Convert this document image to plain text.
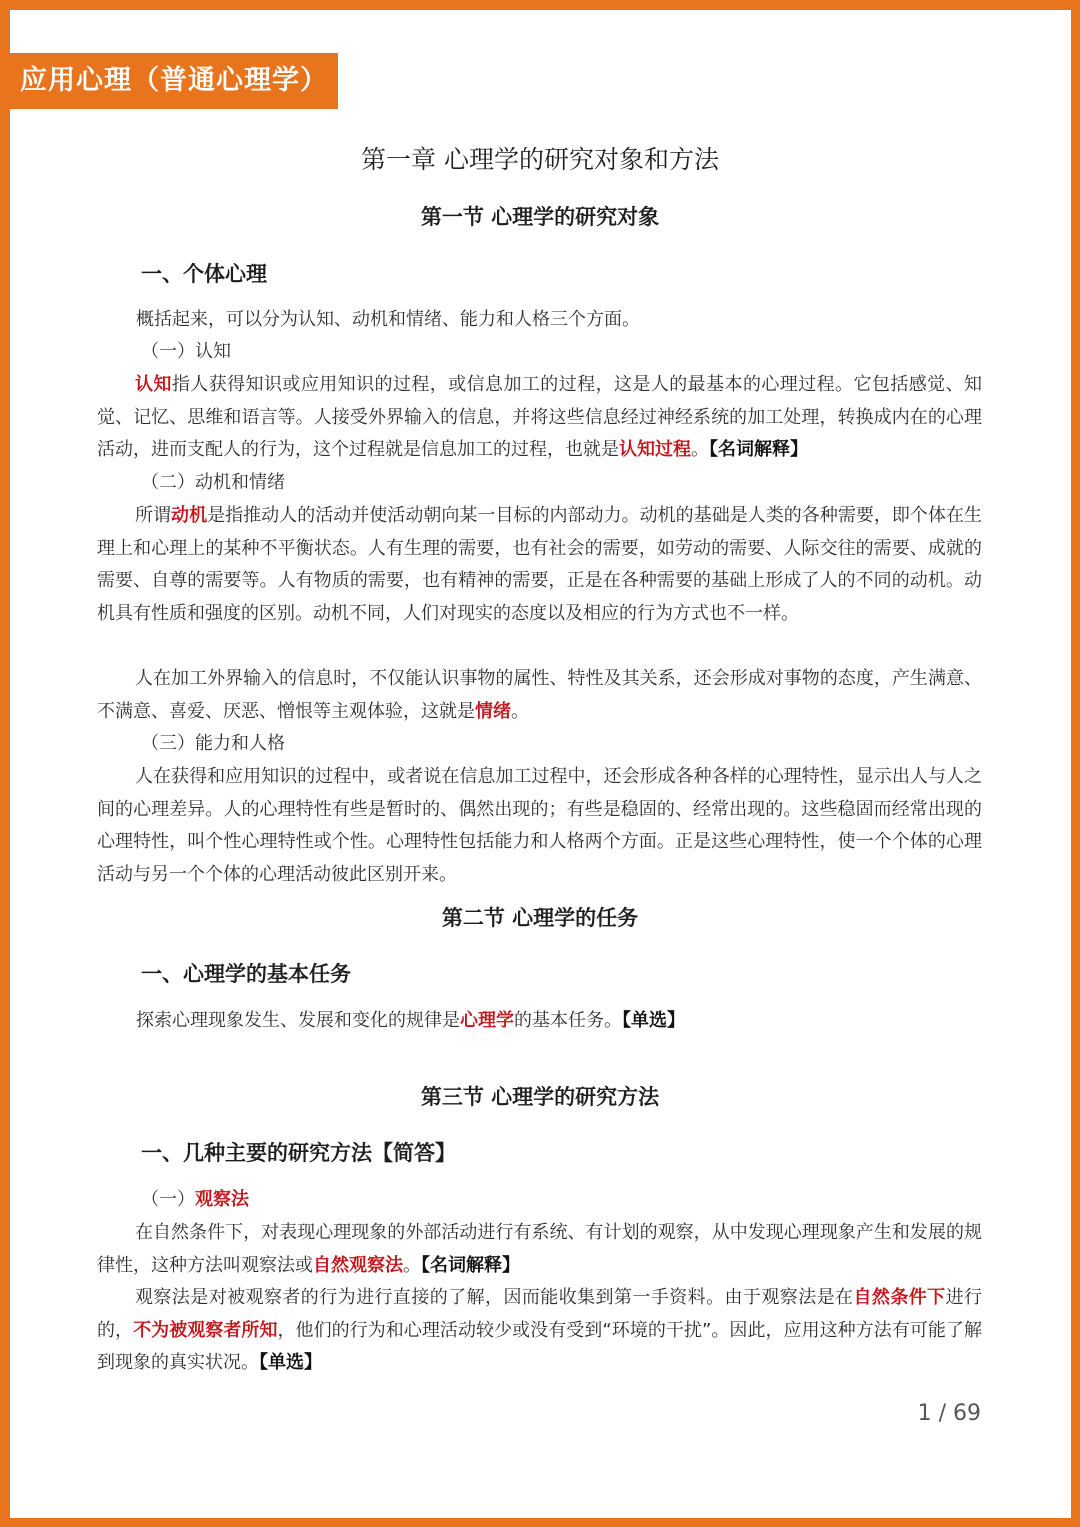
应用心理（普通心理学）
第一章 心理学的研究对象和方法
第一节 心理学的研究对象
一、个体心理
概括起来，可以分为认知、动机和情绪、能力和人格三个方面。
（一）认知

认知指人获得知识或应用知识的过程，或信息加工的过程，这是人的最基本的心理过程。它包括感觉、知觉、记忆、思维和语言等。人接受外界输入的信息，并将这些信息经过神经系统的加工处理，转换成内在的心理活动，进而支配人的行为，这个过程就是信息加工的过程，也就是认知过程。【名词解释】

（二）动机和情绪

所谓动机是指推动人的活动并使活动朝向某一目标的内部动力。动机的基础是人类的各种需要，即个体在生理上和心理上的某种不平衡状态。人有生理的需要，也有社会的需要，如劳动的需要、人际交往的需要、成就的需要、自尊的需要等。人有物质的需要，也有精神的需要，正是在各种需要的基础上形成了人的不同的动机。动机具有性质和强度的区别。动机不同，人们对现实的态度以及相应的行为方式也不一样。

人在加工外界输入的信息时，不仅能认识事物的属性、特性及其关系，还会形成对事物的态度，产生满意、不满意、喜爱、厌恶、憎恨等主观体验，这就是情绪。

（三）能力和人格

人在获得和应用知识的过程中，或者说在信息加工过程中，还会形成各种各样的心理特性，显示出人与人之间的心理差异。人的心理特性有些是暂时的、偶然出现的；有些是稳固的、经常出现的。这些稳固而经常出现的心理特性，叫个性心理特性或个性。心理特性包括能力和人格两个方面。正是这些心理特性，使一个个体的心理活动与另一个个体的心理活动彼此区别开来。

第二节 心理学的任务
一、心理学的基本任务
探索心理现象发生、发展和变化的规律是心理学的基本任务。【单选】
第三节 心理学的研究方法
一、几种主要的研究方法【简答】
（一）观察法

在自然条件下，对表现心理现象的外部活动进行有系统、有计划的观察，从中发现心理现象产生和发展的规律性，这种方法叫观察法或自然观察法。【名词解释】

观察法是对被观察者的行为进行直接的了解，因而能收集到第一手资料。由于观察法是在自然条件下进行的，不为被观察者所知，他们的行为和心理活动较少或没有受到“环境的干扰”。因此，应用这种方法有可能了解到现象的真实状况。【单选】

1 / 69
